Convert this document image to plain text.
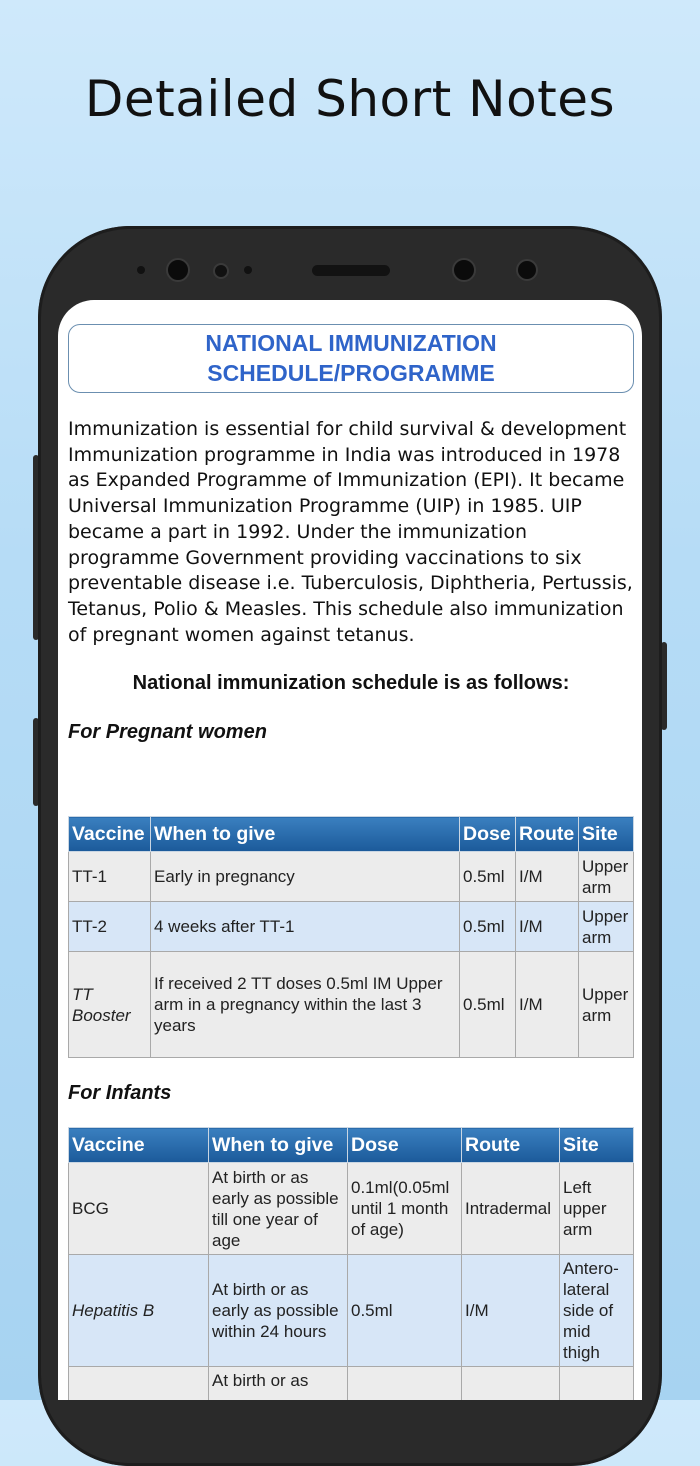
Detailed Short Notes
NATIONAL IMMUNIZATION SCHEDULE/PROGRAMME
Immunization is essential for child survival & development Immunization programme in India was introduced in 1978 as Expanded Programme of Immunization (EPI). It became Universal Immunization Programme (UIP) in 1985. UIP became a part in 1992. Under the immunization programme Government providing vaccinations to six preventable disease i.e. Tuberculosis, Diphtheria, Pertussis, Tetanus, Polio & Measles. This schedule also immunization of pregnant women against tetanus.
National immunization schedule is as follows:
For Pregnant women
Vaccine	When to give	Dose	Route	Site
TT-1	Early in pregnancy	0.5ml	I/M	Upper arm
TT-2	4 weeks after TT-1	0.5ml	I/M	Upper arm
TT Booster	If received 2 TT doses 0.5ml IM Upper arm in a pregnancy within the last 3 years	0.5ml	I/M	Upper arm
For Infants
Vaccine	When to give	Dose	Route	Site
BCG	At birth or as early as possible till one year of age	0.1ml(0.05ml until 1 month of age)	Intradermal	Left upper arm
Hepatitis B	At birth or as early as possible within 24 hours	0.5ml	I/M	Antero-lateral side of mid thigh
	At birth or as			
